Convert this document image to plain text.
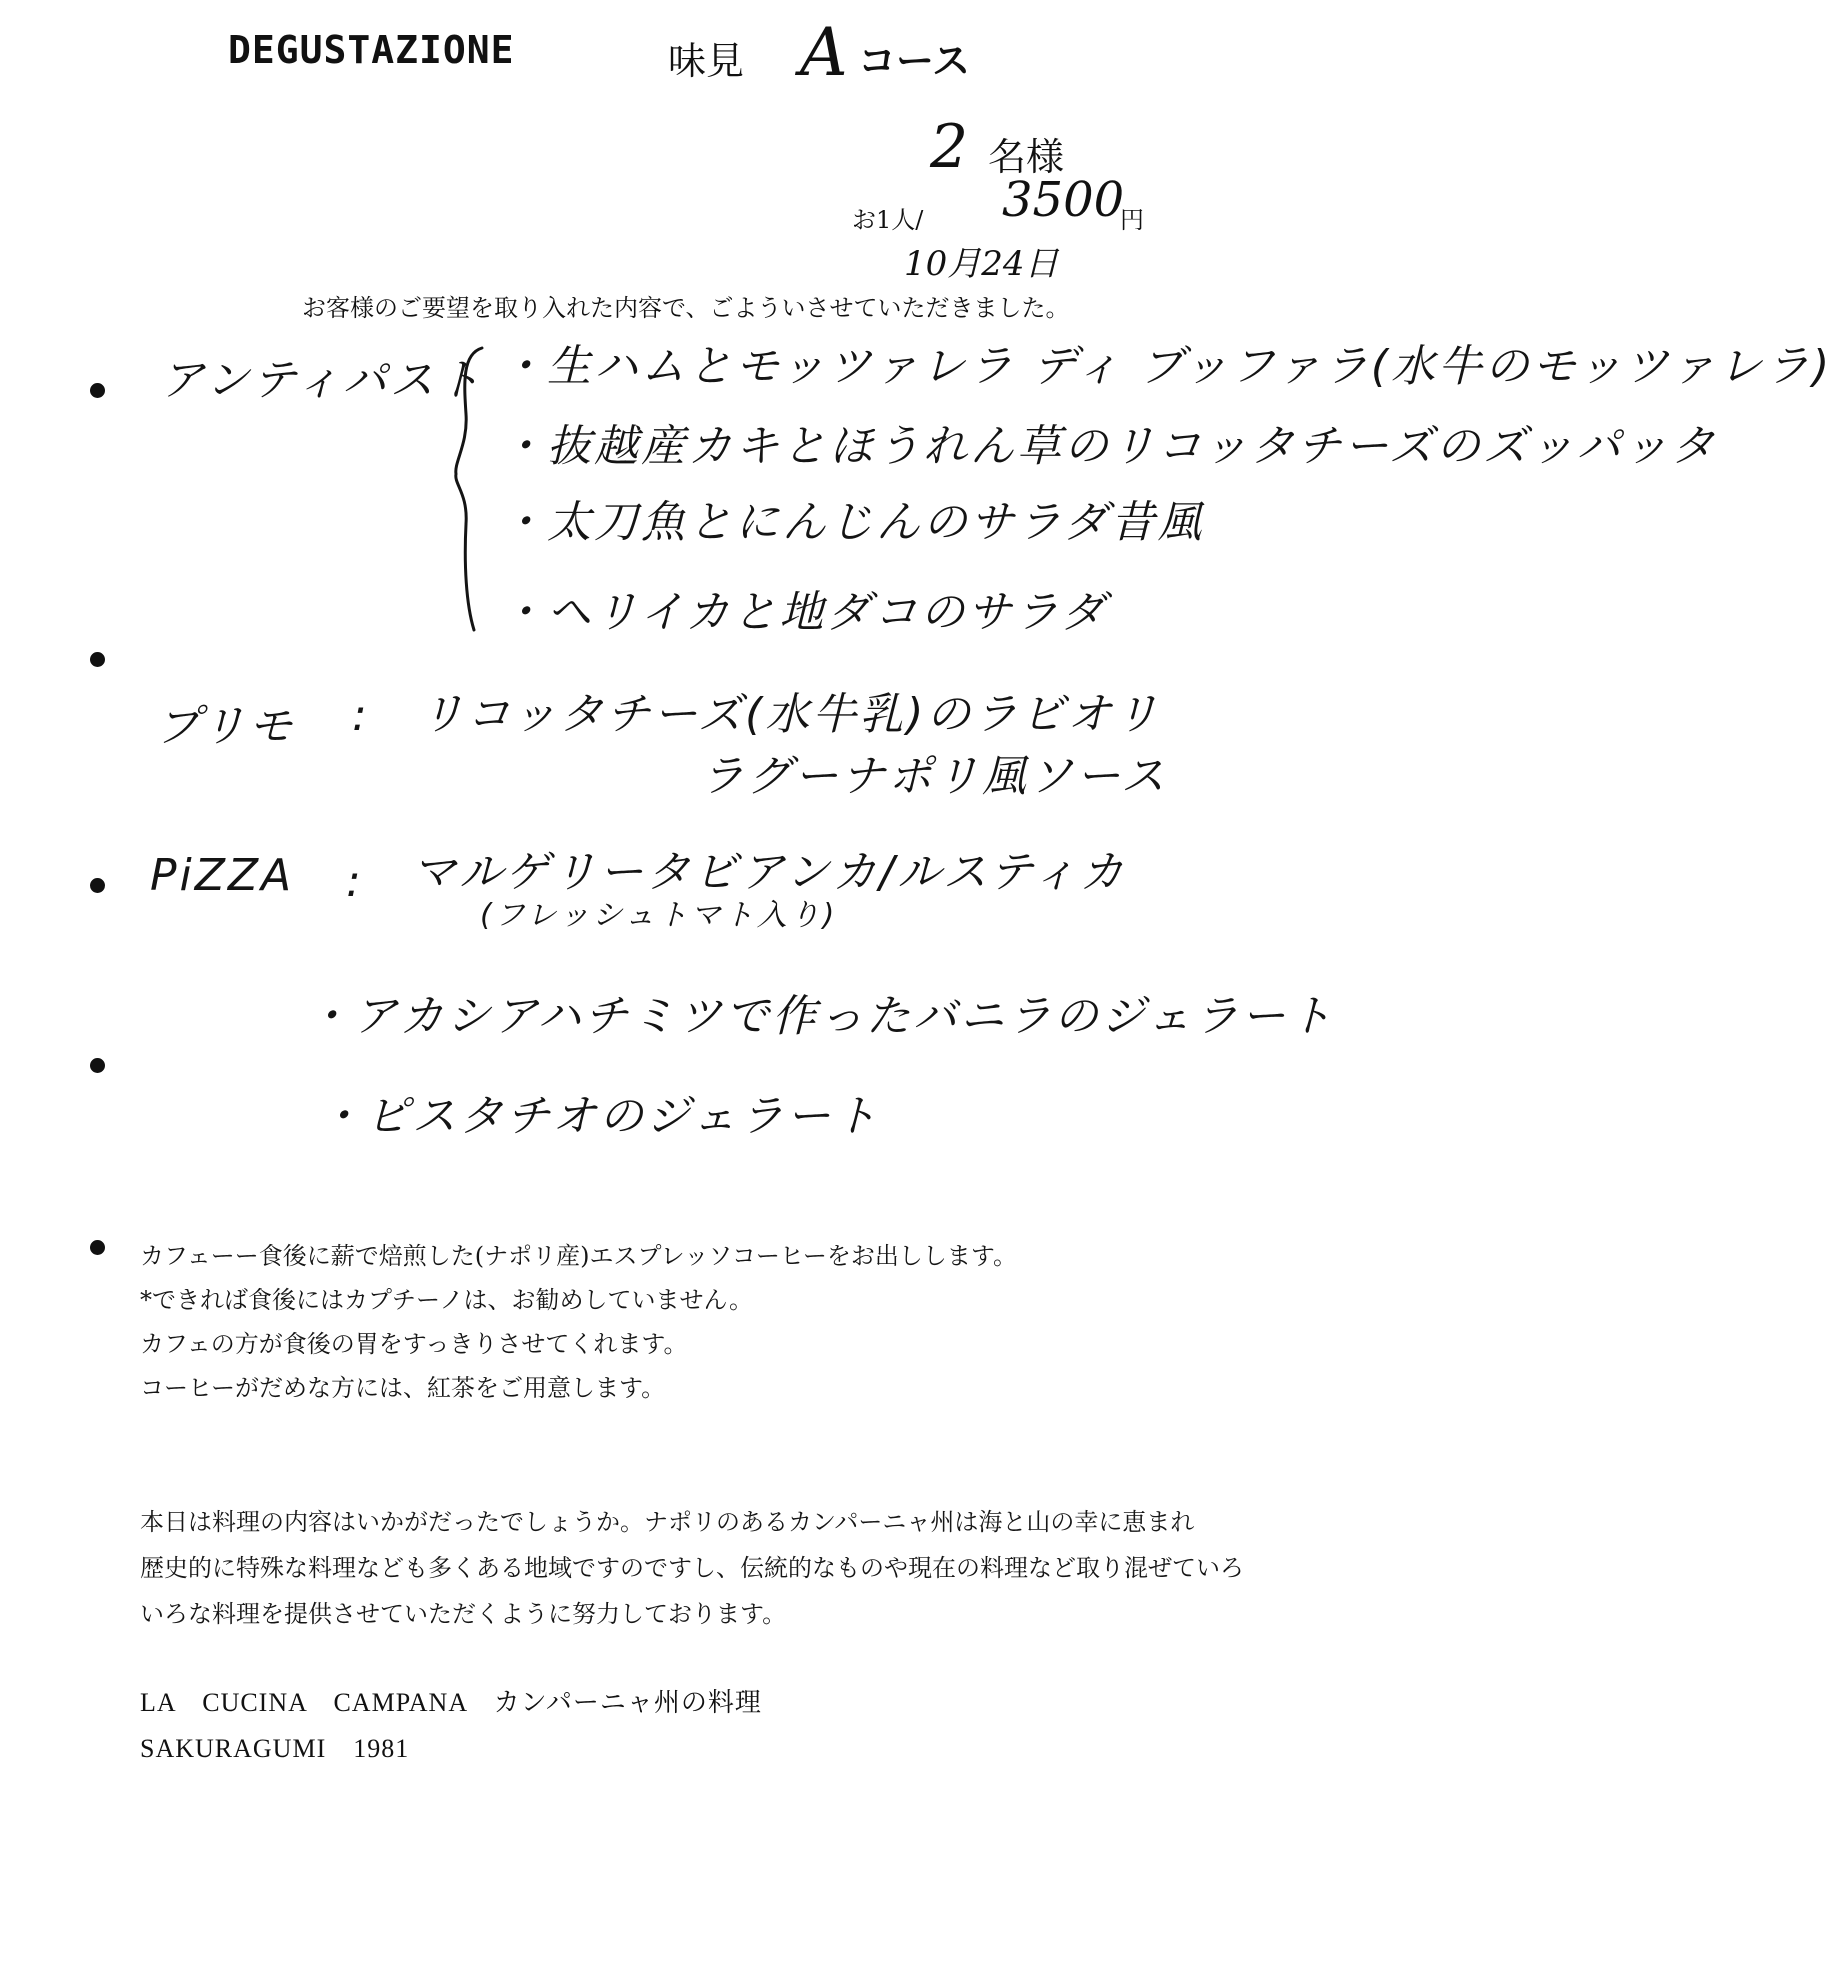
DEGUSTAZIONE	味見 A コース
2 名様
お1人/ 3500
円
10月24日
お客様のご要望を取り入れた内容で、ごよういさせていただきました。
アンティパスト ・生ハムとモッツァレラ ディ ブッファラ(水牛のモッツァレラ)
・抜越産カキとほうれん草のリコッタチーズのズッパッタ
・太刀魚とにんじんのサラダ昔風
・ヘリイカと地ダコのサラダ
プリモ : リコッタチーズ(水牛乳)のラビオリ
ラグーナポリ風ソース
PiZZA : マルゲリータビアンカ/ルスティカ
(フレッシュトマト入り)
・アカシアハチミツで作ったバニラのジェラート
・ピスタチオのジェラート
カフェーー食後に薪で焙煎した(ナポリ産)エスプレッソコーヒーをお出しします。
*できれば食後にはカプチーノは、お勧めしていません。
カフェの方が食後の胃をすっきりさせてくれます。
コーヒーがだめな方には、紅茶をご用意します。
本日は料理の内容はいかがだったでしょうか。ナポリのあるカンパーニャ州は海と山の幸に恵まれ
歴史的に特殊な料理なども多くある地域ですのですし、伝統的なものや現在の料理など取り混ぜていろ
いろな料理を提供させていただくように努力しております。
LA　CUCINA　CAMPANA　カンパーニャ州の料理
SAKURAGUMI　1981
